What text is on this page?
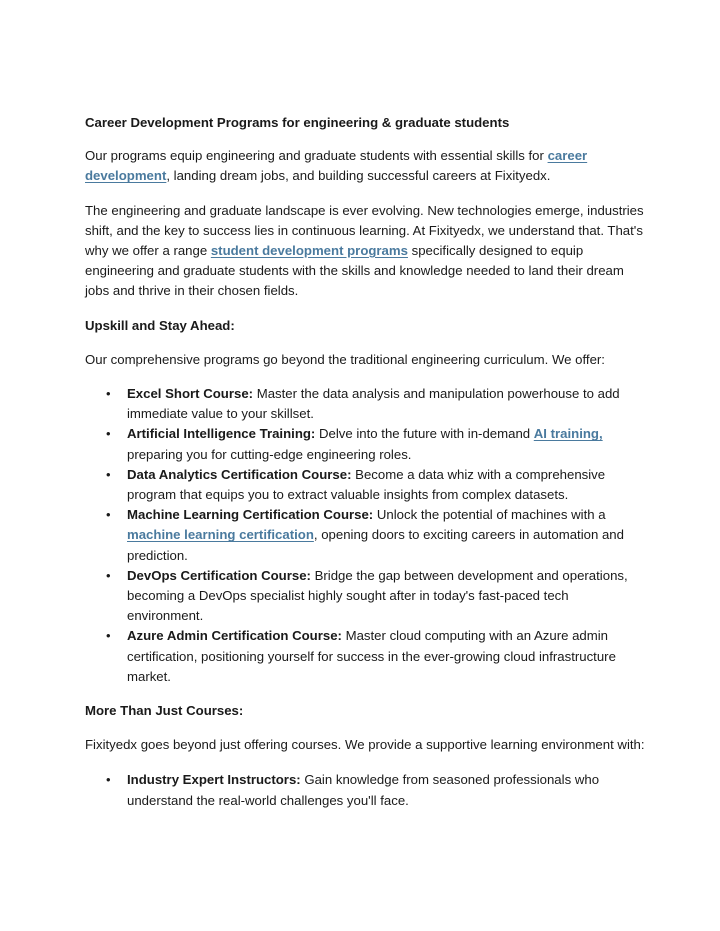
Career Development Programs for engineering & graduate students

Our programs equip engineering and graduate students with essential skills for career development, landing dream jobs, and building successful careers at Fixityedx.

The engineering and graduate landscape is ever evolving. New technologies emerge, industries shift, and the key to success lies in continuous learning. At Fixityedx, we understand that. That's why we offer a range student development programs specifically designed to equip engineering and graduate students with the skills and knowledge needed to land their dream jobs and thrive in their chosen fields.

Upskill and Stay Ahead:

Our comprehensive programs go beyond the traditional engineering curriculum. We offer:

• Excel Short Course: Master the data analysis and manipulation powerhouse to add immediate value to your skillset.
• Artificial Intelligence Training: Delve into the future with in-demand AI training, preparing you for cutting-edge engineering roles.
• Data Analytics Certification Course: Become a data whiz with a comprehensive program that equips you to extract valuable insights from complex datasets.
• Machine Learning Certification Course: Unlock the potential of machines with a machine learning certification, opening doors to exciting careers in automation and prediction.
• DevOps Certification Course: Bridge the gap between development and operations, becoming a DevOps specialist highly sought after in today's fast-paced tech environment.
• Azure Admin Certification Course: Master cloud computing with an Azure admin certification, positioning yourself for success in the ever-growing cloud infrastructure market.

More Than Just Courses:

Fixityedx goes beyond just offering courses. We provide a supportive learning environment with:

• Industry Expert Instructors: Gain knowledge from seasoned professionals who understand the real-world challenges you'll face.
